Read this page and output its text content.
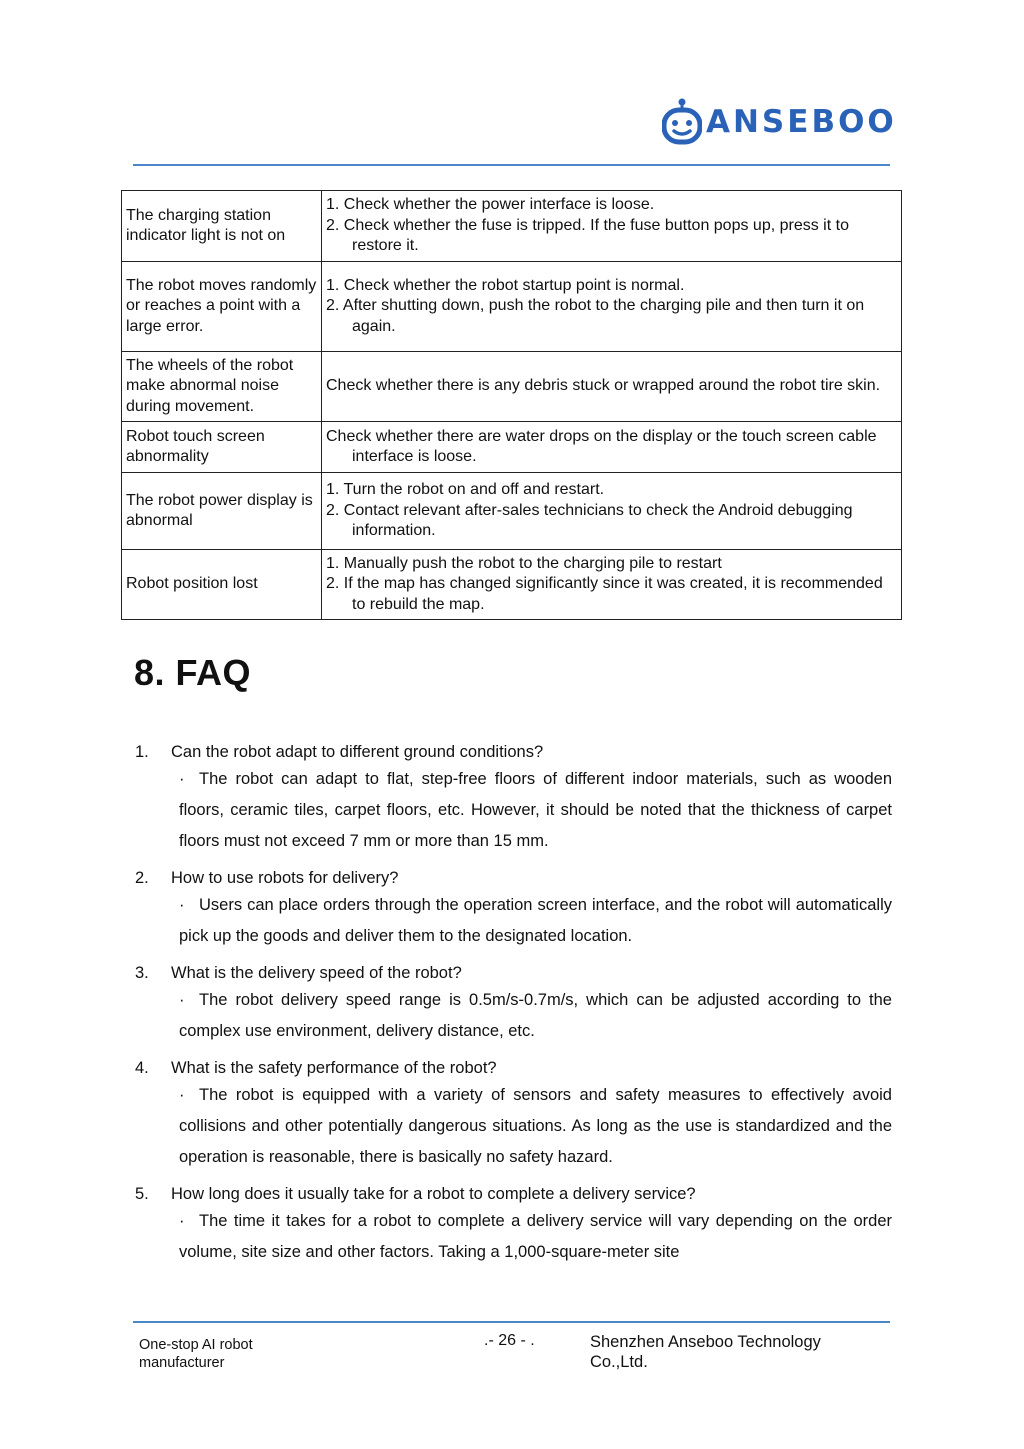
ANSEBOO
The charging station indicator light is not on	1. Check whether the power interface is loose.
2. Check whether the fuse is tripped. If the fuse button pops up, press it to restore it.

The robot moves randomly or reaches a point with a large error.	1. Check whether the robot startup point is normal.
2. After shutting down, push the robot to the charging pile and then turn it on again.

The wheels of the robot make abnormal noise during movement.	Check whether there is any debris stuck or wrapped around the robot tire skin.

Robot touch screen abnormality	Check whether there are water drops on the display or the touch screen cable interface is loose.

The robot power display is abnormal	1. Turn the robot on and off and restart.
2. Contact relevant after-sales technicians to check the Android debugging information.

Robot position lost	1. Manually push the robot to the charging pile to restart
2. If the map has changed significantly since it was created, it is recommended to rebuild the map.
8. FAQ
1.	Can the robot adapt to different ground conditions?
· The robot can adapt to flat, step-free floors of different indoor materials, such as wooden floors, ceramic tiles, carpet floors, etc. However, it should be noted that the thickness of carpet floors must not exceed 7 mm or more than 15 mm.
2.	How to use robots for delivery?
· Users can place orders through the operation screen interface, and the robot will automatically pick up the goods and deliver them to the designated location.
3.	What is the delivery speed of the robot?
· The robot delivery speed range is 0.5m/s-0.7m/s, which can be adjusted according to the complex use environment, delivery distance, etc.
4.	What is the safety performance of the robot?
· The robot is equipped with a variety of sensors and safety measures to effectively avoid collisions and other potentially dangerous situations. As long as the use is standardized and the operation is reasonable, there is basically no safety hazard.
5.	How long does it usually take for a robot to complete a delivery service?
· The time it takes for a robot to complete a delivery service will vary depending on the order volume, site size and other factors. Taking a 1,000-square-meter site
One-stop AI robot manufacturer
.- 26 - .	Shenzhen Anseboo Technology Co.,Ltd.
